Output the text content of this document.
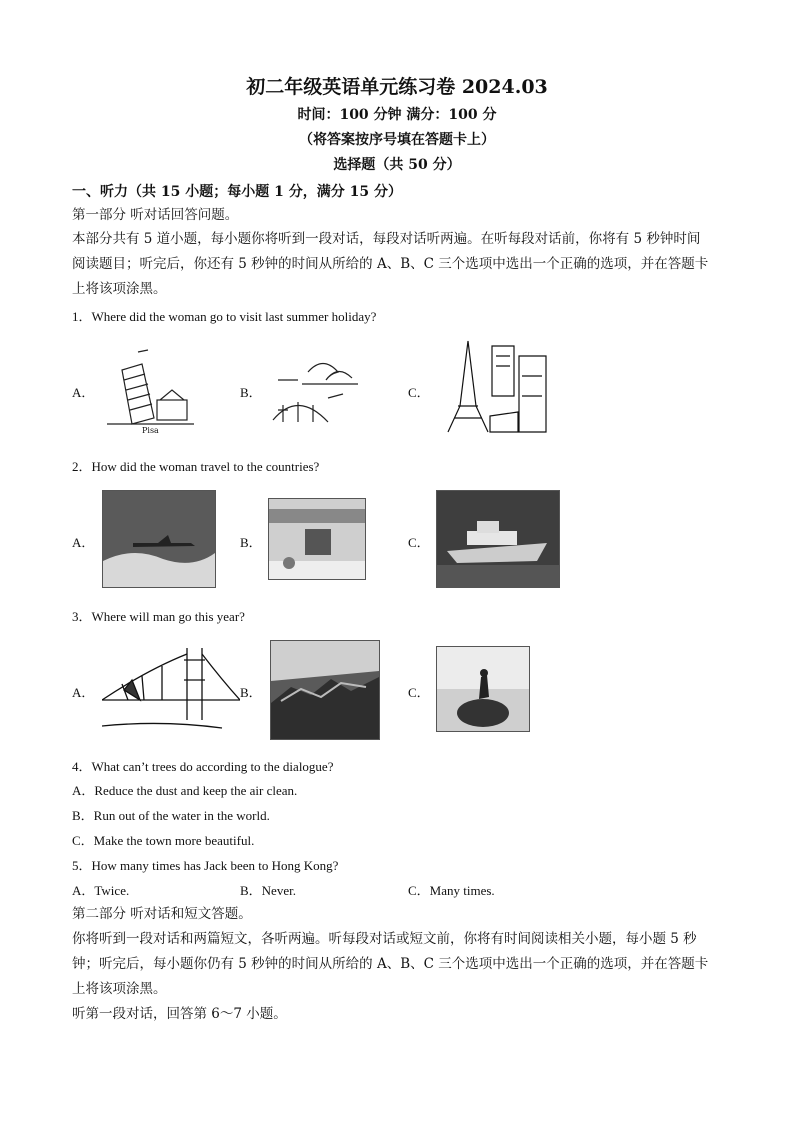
初二年级英语单元练习卷 2024.03
时间：100 分钟 满分：100 分
（将答案按序号填在答题卡上）
选择题（共 50 分）
一、听力（共 15 小题；每小题 1 分，满分 15 分）
第一部分 听对话回答问题。
本部分共有 5 道小题，每小题你将听到一段对话，每段对话听两遍。在听每段对话前，你将有 5 秒钟时间
阅读题目；听完后，你还有 5 秒钟的时间从所给的 A、B、C 三个选项中选出一个正确的选项，并在答题卡
上将该项涂黑。
1．Where did the woman go to visit last summer holiday?
A．	B．	C．
Pisa
2．How did the woman travel to the countries?
A．	B．	C．
3．Where will man go this year?
A．	B．	C．
4．What can’t trees do according to the dialogue?
A．Reduce the dust and keep the air clean.
B．Run out of the water in the world.
C．Make the town more beautiful.
5．How many times has Jack been to Hong Kong?
A．Twice.	B．Never.	C．Many times.
第二部分 听对话和短文答题。
你将听到一段对话和两篇短文，各听两遍。听每段对话或短文前，你将有时间阅读相关小题，每小题 5 秒
钟；听完后，每小题你仍有 5 秒钟的时间从所给的 A、B、C 三个选项中选出一个正确的选项，并在答题卡
上将该项涂黑。
听第一段对话，回答第 6～7 小题。
